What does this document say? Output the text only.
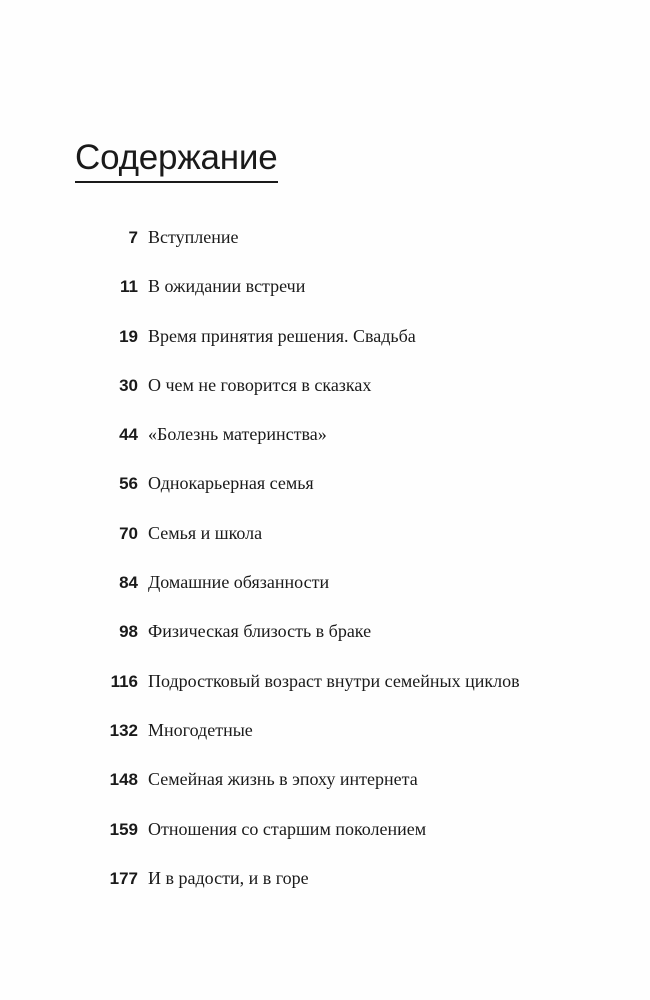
Содержание
7 Вступление
11 В ожидании встречи
19 Время принятия решения. Свадьба
30 О чем не говорится в сказках
44 «Болезнь материнства»
56 Однокарьерная семья
70 Семья и школа
84 Домашние обязанности
98 Физическая близость в браке
116 Подростковый возраст внутри семейных циклов
132 Многодетные
148 Семейная жизнь в эпоху интернета
159 Отношения со старшим поколением
177 И в радости, и в горе
